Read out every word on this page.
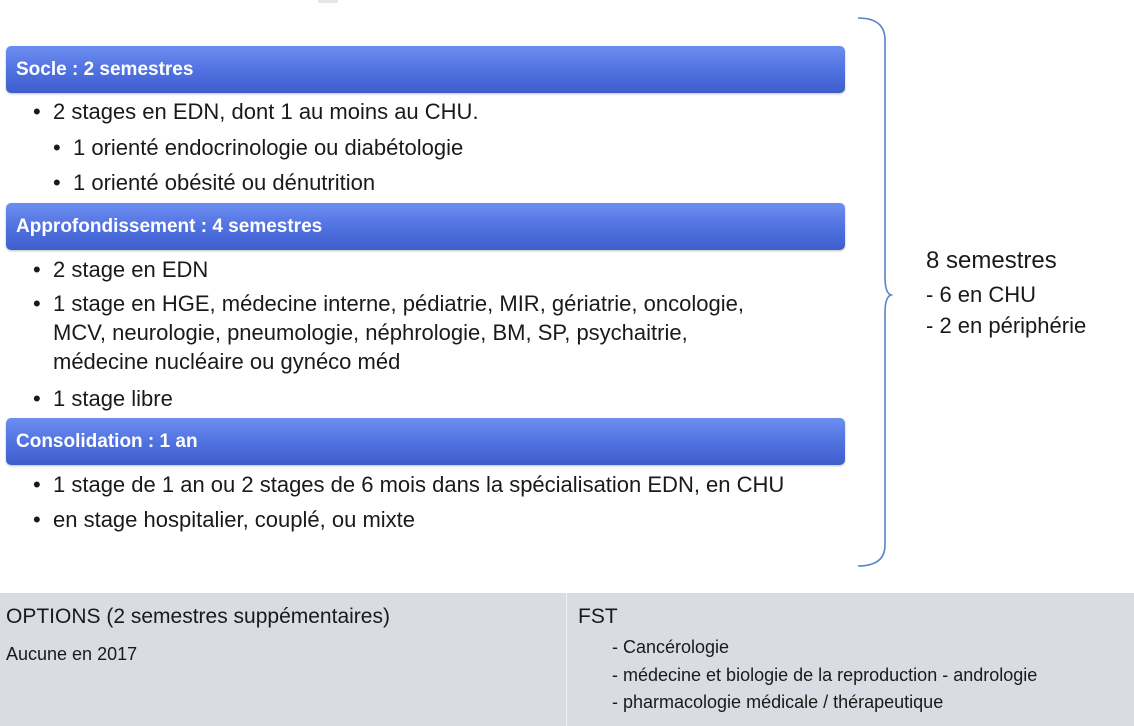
Socle : 2 semestres
• 2 stages en EDN, dont 1 au moins au CHU.
• 1 orienté endocrinologie ou diabétologie
• 1 orienté obésité ou dénutrition
Approfondissement : 4 semestres
• 2 stage en EDN
• 1 stage en HGE, médecine interne, pédiatrie, MIR, gériatrie, oncologie,
MCV, neurologie, pneumologie, néphrologie, BM, SP, psychaitrie,
médecine nucléaire ou gynéco méd
• 1 stage libre
Consolidation : 1 an
• 1 stage de 1 an ou 2 stages de 6 mois dans la spécialisation EDN, en CHU
• en stage hospitalier, couplé, ou mixte
8 semestres
- 6 en CHU
- 2 en périphérie
OPTIONS (2 semestres suppémentaires)
Aucune en 2017
FST
- Cancérologie
- médecine et biologie de la reproduction - andrologie
- pharmacologie médicale / thérapeutique
